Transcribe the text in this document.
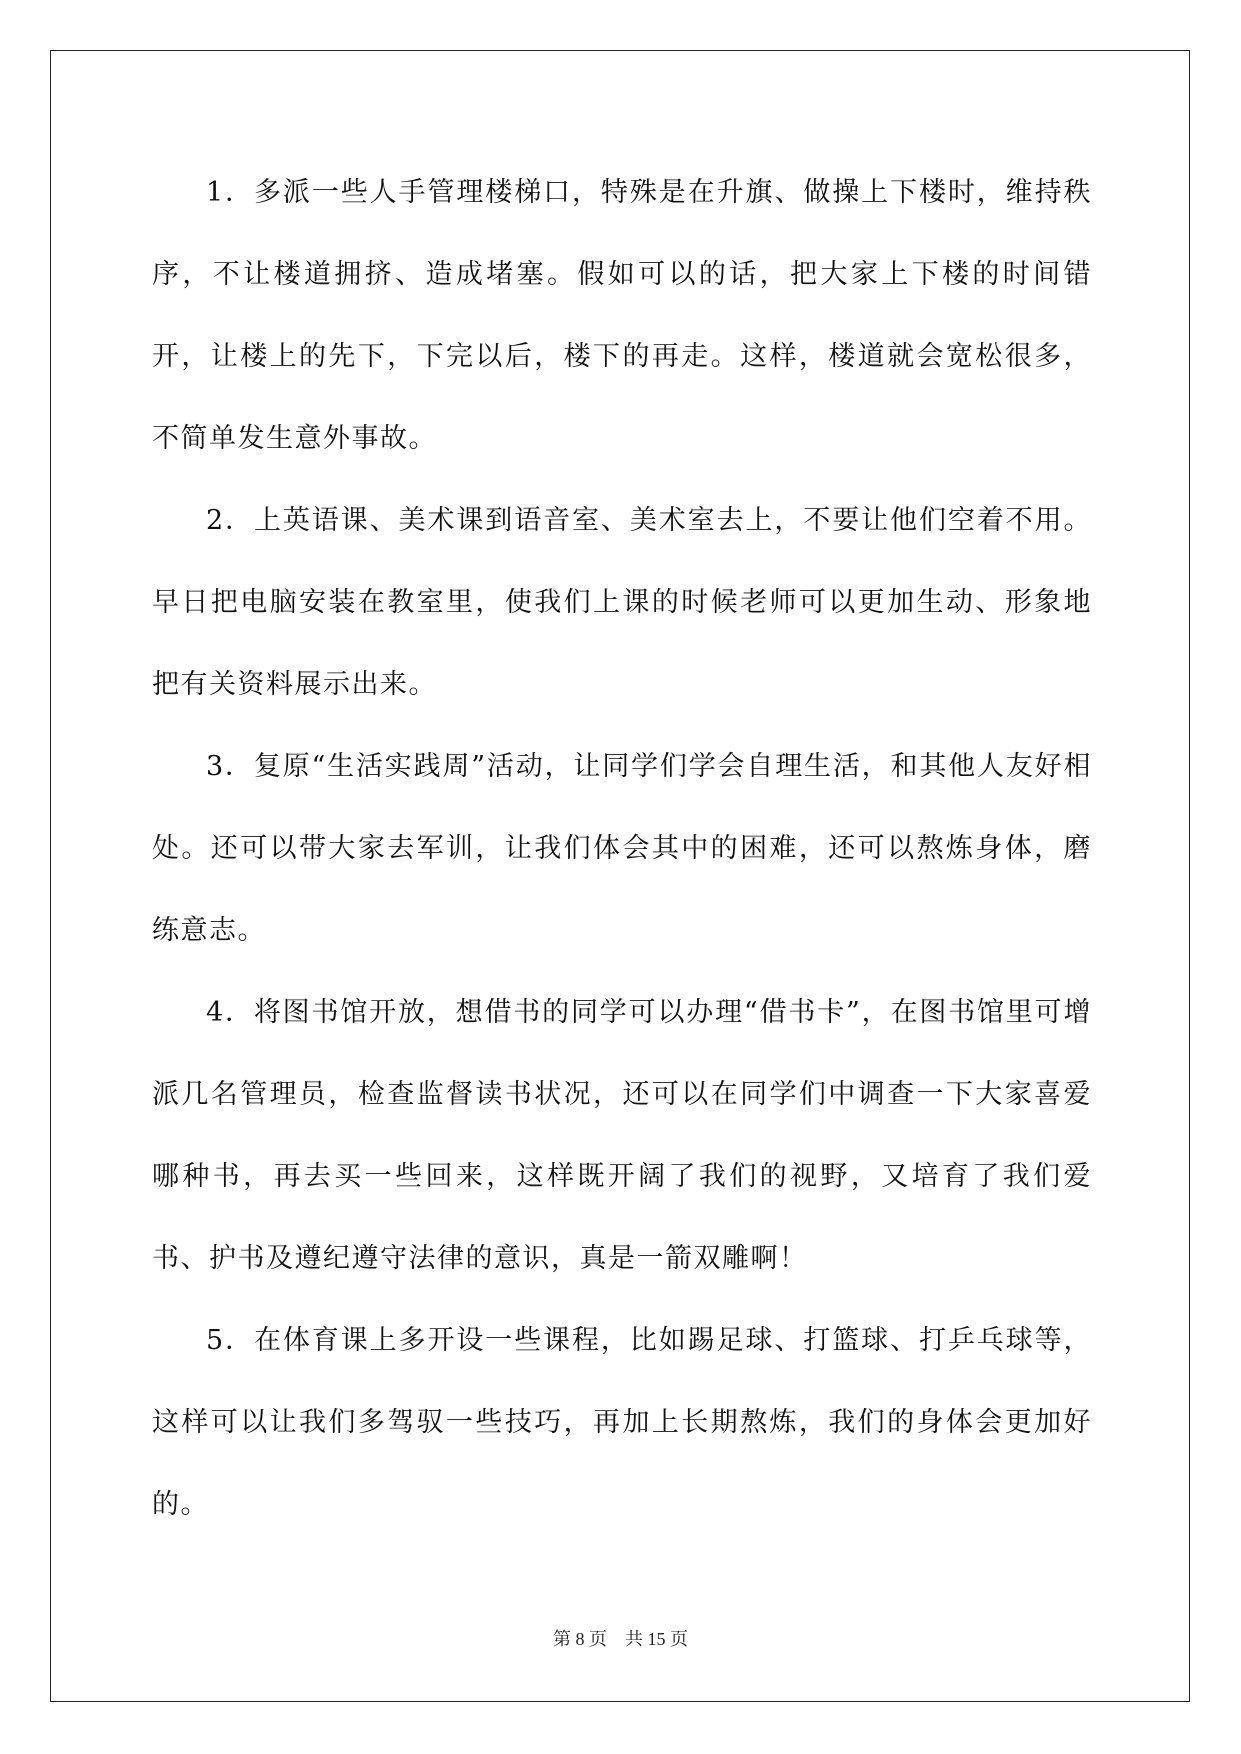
1．多派一些人手管理楼梯口，特殊是在升旗、做操上下楼时，维持秩序，不让楼道拥挤、造成堵塞。假如可以的话，把大家上下楼的时间错开，让楼上的先下，下完以后，楼下的再走。这样，楼道就会宽松很多，不简单发生意外事故。

2．上英语课、美术课到语音室、美术室去上，不要让他们空着不用。早日把电脑安装在教室里，使我们上课的时候老师可以更加生动、形象地把有关资料展示出来。

3．复原“生活实践周”活动，让同学们学会自理生活，和其他人友好相处。还可以带大家去军训，让我们体会其中的困难，还可以熬炼身体，磨练意志。

4．将图书馆开放，想借书的同学可以办理“借书卡”，在图书馆里可增派几名管理员，检查监督读书状况，还可以在同学们中调查一下大家喜爱哪种书，再去买一些回来，这样既开阔了我们的视野，又培育了我们爱书、护书及遵纪遵守法律的意识，真是一箭双雕啊！

5．在体育课上多开设一些课程，比如踢足球、打篮球、打乒乓球等，这样可以让我们多驾驭一些技巧，再加上长期熬炼，我们的身体会更加好的。

第 8 页　共 15 页
